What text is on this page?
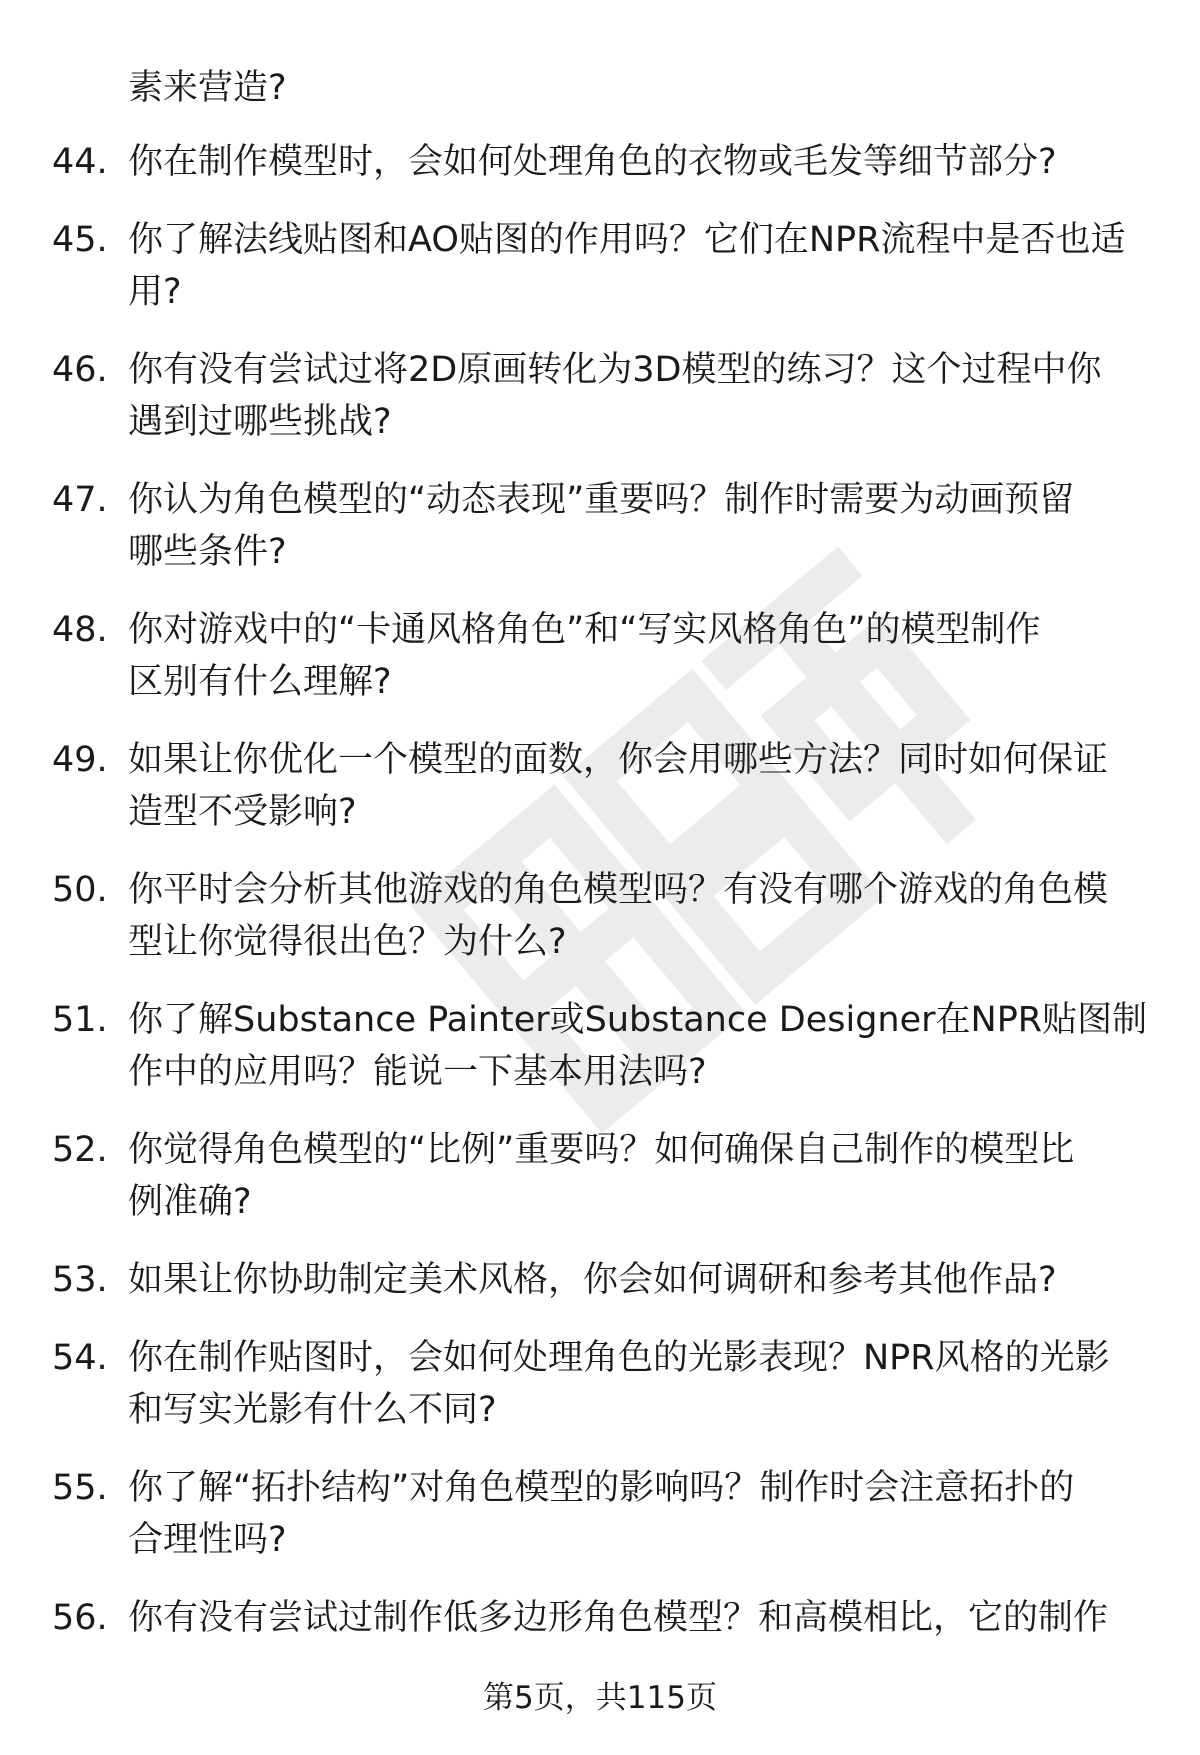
素来营造?

44. 你在制作模型时，会如何处理角色的衣物或毛发等细节部分?
45. 你了解法线贴图和AO贴图的作用吗？它们在NPR流程中是否也适
用?
46. 你有没有尝试过将2D原画转化为3D模型的练习？这个过程中你
遇到过哪些挑战?
47. 你认为角色模型的“动态表现”重要吗？制作时需要为动画预留
哪些条件?
48. 你对游戏中的“卡通风格角色”和“写实风格角色”的模型制作
区别有什么理解?
49. 如果让你优化一个模型的面数，你会用哪些方法？同时如何保证
造型不受影响?
50. 你平时会分析其他游戏的角色模型吗？有没有哪个游戏的角色模
型让你觉得很出色？为什么?
51. 你了解Substance Painter或Substance Designer在NPR贴图制
作中的应用吗？能说一下基本用法吗?
52. 你觉得角色模型的“比例”重要吗？如何确保自己制作的模型比
例准确?
53. 如果让你协助制定美术风格，你会如何调研和参考其他作品?
54. 你在制作贴图时，会如何处理角色的光影表现？NPR风格的光影
和写实光影有什么不同?
55. 你了解“拓扑结构”对角色模型的影响吗？制作时会注意拓扑的
合理性吗?
56. 你有没有尝试过制作低多边形角色模型？和高模相比，它的制作
第5页，共115页
